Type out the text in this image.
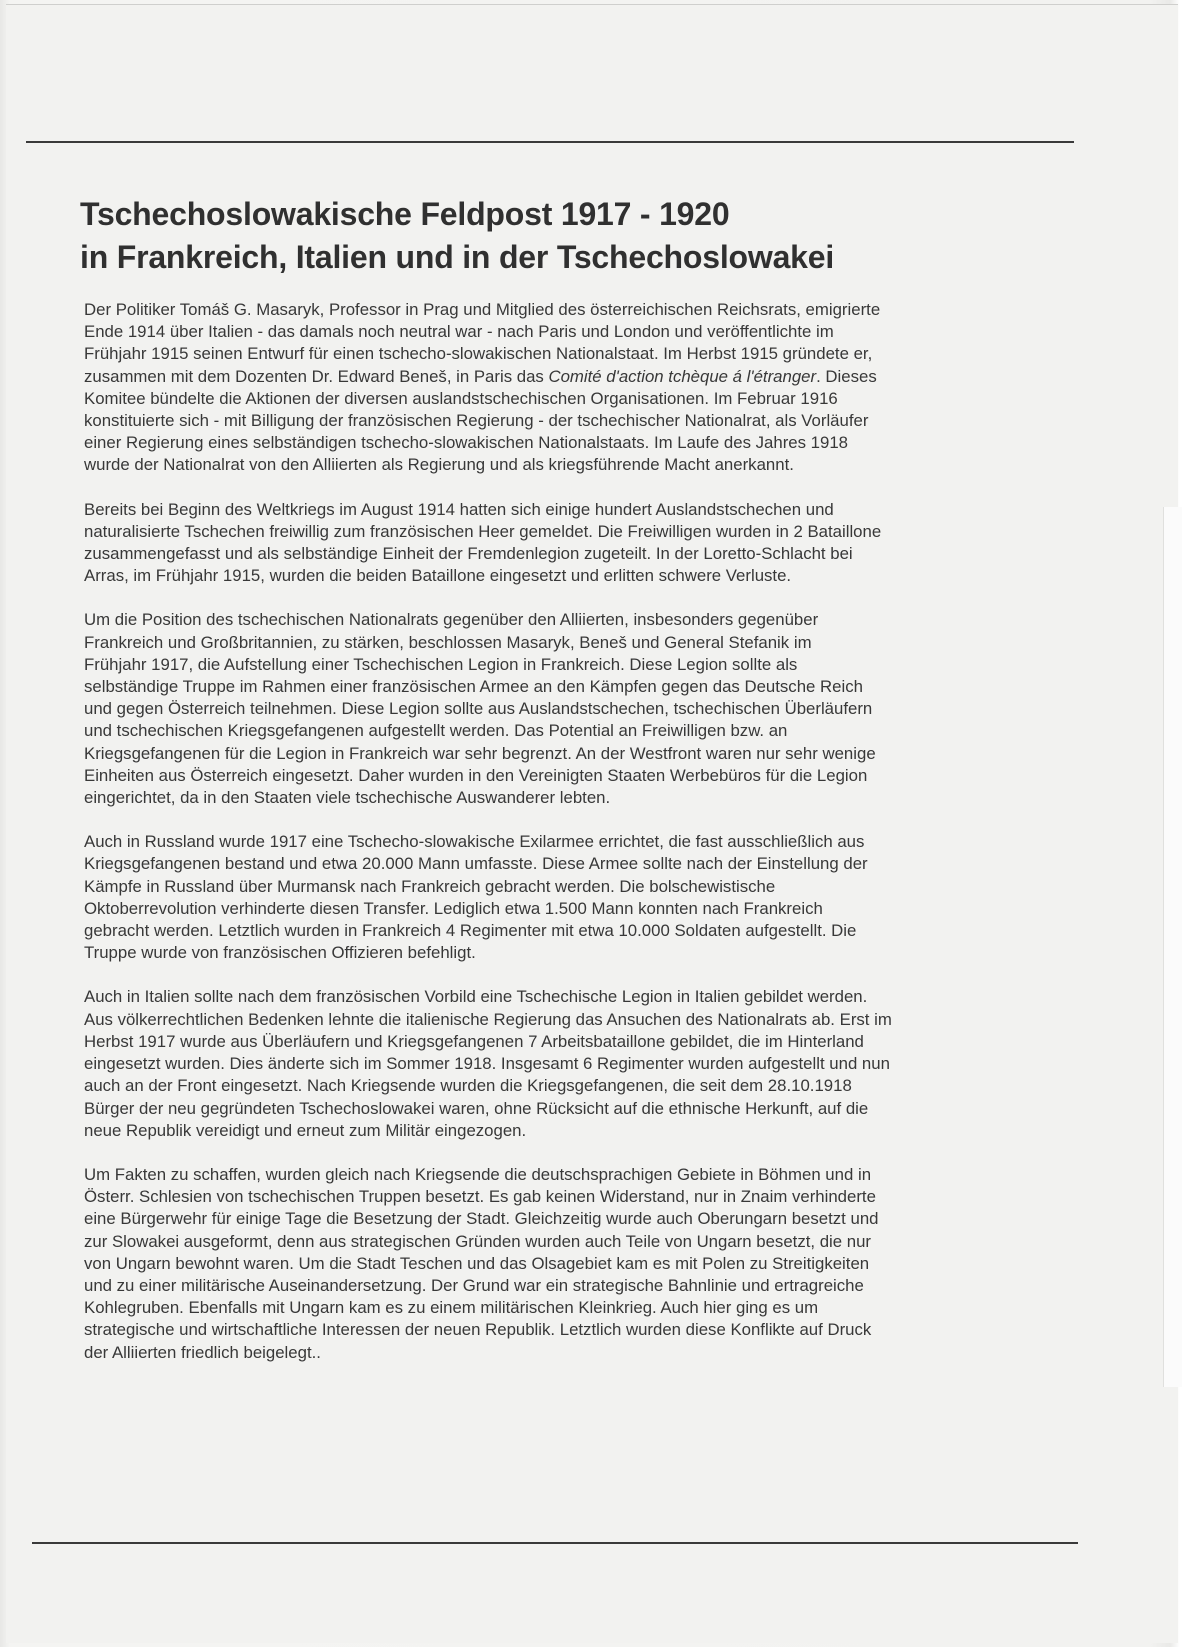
Tschechoslowakische Feldpost 1917 - 1920
in Frankreich, Italien und in der Tschechoslowakei

Der Politiker Tomáš G. Masaryk, Professor in Prag und Mitglied des österreichischen Reichsrats, emigrierte
Ende 1914 über Italien - das damals noch neutral war - nach Paris und London und veröffentlichte im
Frühjahr 1915 seinen Entwurf für einen tschecho-slowakischen Nationalstaat. Im Herbst 1915 gründete er,
zusammen mit dem Dozenten Dr. Edward Beneš, in Paris das Comité d'action tchèque á l'étranger. Dieses
Komitee bündelte die Aktionen der diversen auslandstschechischen Organisationen. Im Februar 1916
konstituierte sich - mit Billigung der französischen Regierung - der tschechischer Nationalrat, als Vorläufer
einer Regierung eines selbständigen tschecho-slowakischen Nationalstaats. Im Laufe des Jahres 1918
wurde der Nationalrat von den Alliierten als Regierung und als kriegsführende Macht anerkannt.

Bereits bei Beginn des Weltkriegs im August 1914 hatten sich einige hundert Auslandstschechen und
naturalisierte Tschechen freiwillig zum französischen Heer gemeldet. Die Freiwilligen wurden in 2 Bataillone
zusammengefasst und als selbständige Einheit der Fremdenlegion zugeteilt. In der Loretto-Schlacht bei
Arras, im Frühjahr 1915, wurden die beiden Bataillone eingesetzt und erlitten schwere Verluste.

Um die Position des tschechischen Nationalrats gegenüber den Alliierten, insbesonders gegenüber
Frankreich und Großbritannien, zu stärken, beschlossen Masaryk, Beneš und General Stefanik im
Frühjahr 1917, die Aufstellung einer Tschechischen Legion in Frankreich. Diese Legion sollte als
selbständige Truppe im Rahmen einer französischen Armee an den Kämpfen gegen das Deutsche Reich
und gegen Österreich teilnehmen. Diese Legion sollte aus Auslandstschechen, tschechischen Überläufern
und tschechischen Kriegsgefangenen aufgestellt werden. Das Potential an Freiwilligen bzw. an
Kriegsgefangenen für die Legion in Frankreich war sehr begrenzt. An der Westfront waren nur sehr wenige
Einheiten aus Österreich eingesetzt. Daher wurden in den Vereinigten Staaten Werbebüros für die Legion
eingerichtet, da in den Staaten viele tschechische Auswanderer lebten.

Auch in Russland wurde 1917 eine Tschecho-slowakische Exilarmee errichtet, die fast ausschließlich aus
Kriegsgefangenen bestand und etwa 20.000 Mann umfasste. Diese Armee sollte nach der Einstellung der
Kämpfe in Russland über Murmansk nach Frankreich gebracht werden. Die bolschewistische
Oktoberrevolution verhinderte diesen Transfer. Lediglich etwa 1.500 Mann konnten nach Frankreich
gebracht werden. Letztlich wurden in Frankreich 4 Regimenter mit etwa 10.000 Soldaten aufgestellt. Die
Truppe wurde von französischen Offizieren befehligt.

Auch in Italien sollte nach dem französischen Vorbild eine Tschechische Legion in Italien gebildet werden.
Aus völkerrechtlichen Bedenken lehnte die italienische Regierung das Ansuchen des Nationalrats ab. Erst im
Herbst 1917 wurde aus Überläufern und Kriegsgefangenen 7 Arbeitsbataillone gebildet, die im Hinterland
eingesetzt wurden. Dies änderte sich im Sommer 1918. Insgesamt 6 Regimenter wurden aufgestellt und nun
auch an der Front eingesetzt. Nach Kriegsende wurden die Kriegsgefangenen, die seit dem 28.10.1918
Bürger der neu gegründeten Tschechoslowakei waren, ohne Rücksicht auf die ethnische Herkunft, auf die
neue Republik vereidigt und erneut zum Militär eingezogen.

Um Fakten zu schaffen, wurden gleich nach Kriegsende die deutschsprachigen Gebiete in Böhmen und in
Österr. Schlesien von tschechischen Truppen besetzt. Es gab keinen Widerstand, nur in Znaim verhinderte
eine Bürgerwehr für einige Tage die Besetzung der Stadt. Gleichzeitig wurde auch Oberungarn besetzt und
zur Slowakei ausgeformt, denn aus strategischen Gründen wurden auch Teile von Ungarn besetzt, die nur
von Ungarn bewohnt waren. Um die Stadt Teschen und das Olsagebiet kam es mit Polen zu Streitigkeiten
und zu einer militärische Auseinandersetzung. Der Grund war ein strategische Bahnlinie und ertragreiche
Kohlegruben. Ebenfalls mit Ungarn kam es zu einem militärischen Kleinkrieg. Auch hier ging es um
strategische und wirtschaftliche Interessen der neuen Republik. Letztlich wurden diese Konflikte auf Druck
der Alliierten friedlich beigelegt..
